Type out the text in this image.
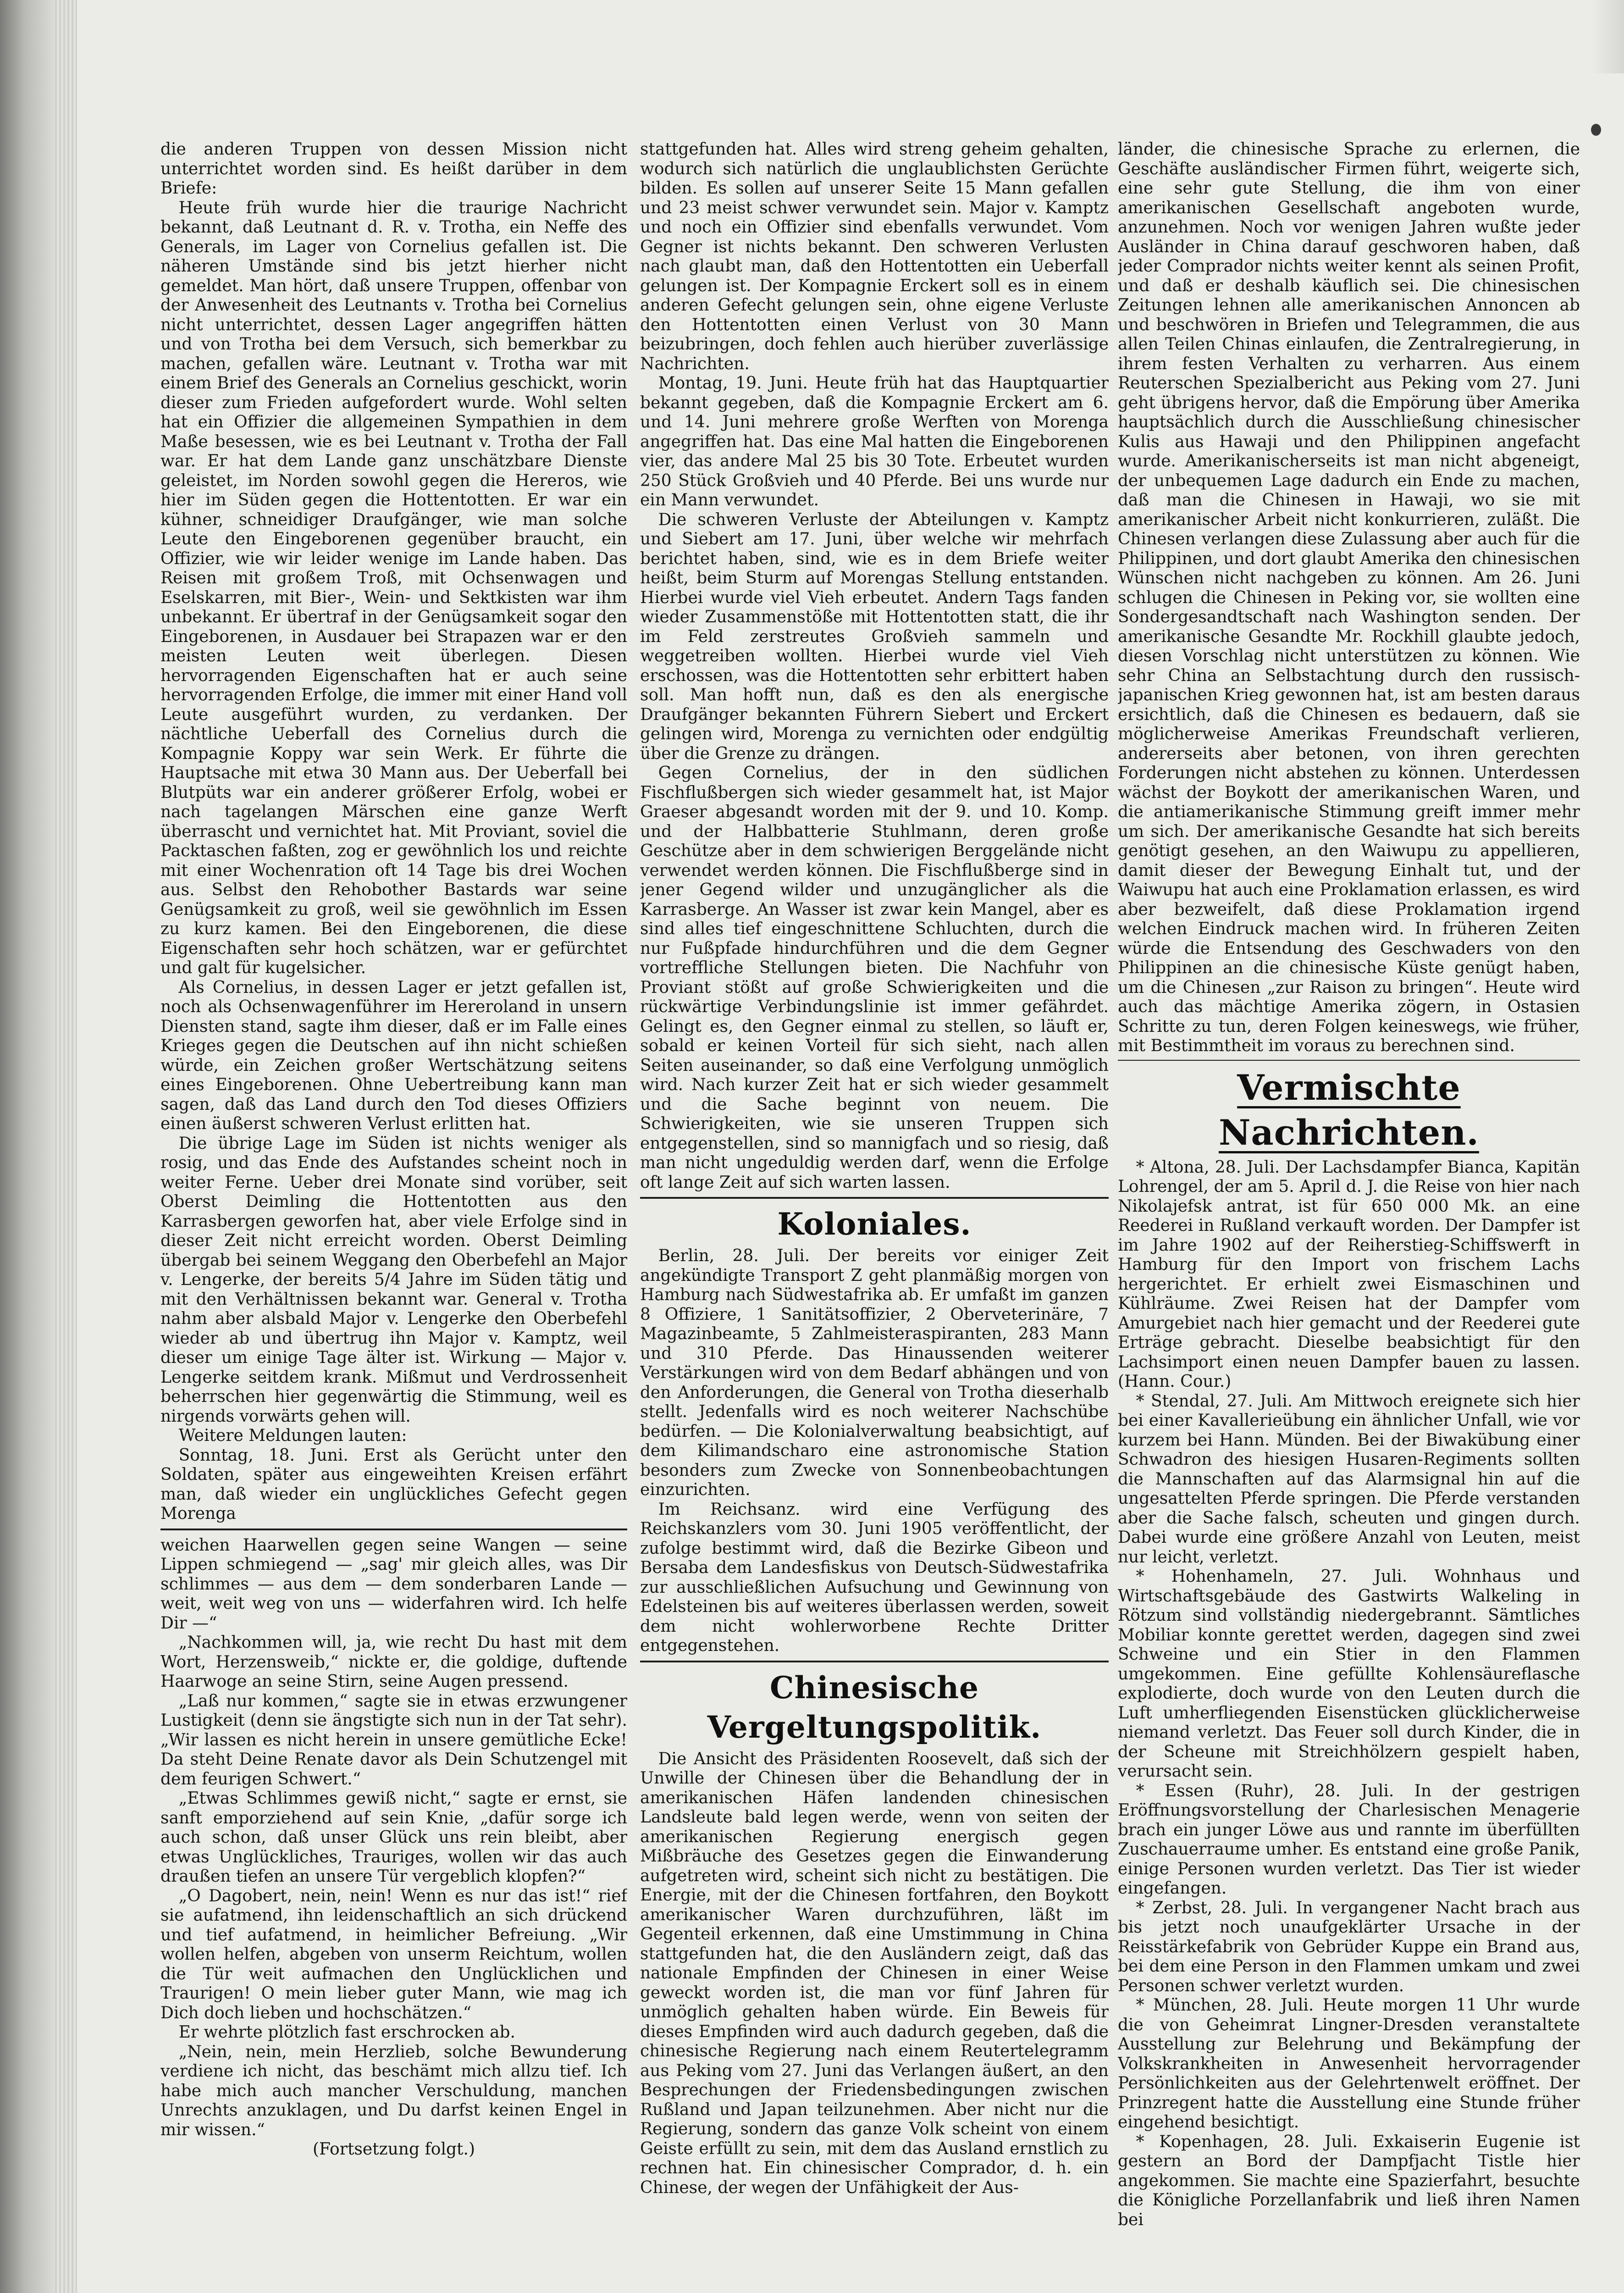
die anderen Truppen von dessen Mission nicht unterrichtet worden sind. Es heißt darüber in dem Briefe:

Heute früh wurde hier die traurige Nachricht bekannt, daß Leutnant d. R. v. Trotha, ein Neffe des Generals, im Lager von Cornelius gefallen ist. Die näheren Umstände sind bis jetzt hierher nicht gemeldet. Man hört, daß unsere Truppen, offenbar von der Anwesenheit des Leutnants v. Trotha bei Cornelius nicht unterrichtet, dessen Lager angegriffen hätten und von Trotha bei dem Versuch, sich bemerkbar zu machen, gefallen wäre. Leutnant v. Trotha war mit einem Brief des Generals an Cornelius geschickt, worin dieser zum Frieden aufgefordert wurde. Wohl selten hat ein Offizier die allgemeinen Sympathien in dem Maße besessen, wie es bei Leutnant v. Trotha der Fall war. Er hat dem Lande ganz unschätzbare Dienste geleistet, im Norden sowohl gegen die Hereros, wie hier im Süden gegen die Hottentotten. Er war ein kühner, schneidiger Draufgänger, wie man solche Leute den Eingeborenen gegenüber braucht, ein Offizier, wie wir leider wenige im Lande haben. Das Reisen mit großem Troß, mit Ochsenwagen und Eselskarren, mit Bier-, Wein- und Sektkisten war ihm unbekannt. Er übertraf in der Genügsamkeit sogar den Eingeborenen, in Ausdauer bei Strapazen war er den meisten Leuten weit überlegen. Diesen hervorragenden Eigenschaften hat er auch seine hervorragenden Erfolge, die immer mit einer Hand voll Leute ausgeführt wurden, zu verdanken. Der nächtliche Ueberfall des Cornelius durch die Kompagnie Koppy war sein Werk. Er führte die Hauptsache mit etwa 30 Mann aus. Der Ueberfall bei Blutpüts war ein anderer größerer Erfolg, wobei er nach tagelangen Märschen eine ganze Werft überrascht und vernichtet hat. Mit Proviant, soviel die Packtaschen faßten, zog er gewöhnlich los und reichte mit einer Wochenration oft 14 Tage bis drei Wochen aus. Selbst den Rehobother Bastards war seine Genügsamkeit zu groß, weil sie gewöhnlich im Essen zu kurz kamen. Bei den Eingeborenen, die diese Eigenschaften sehr hoch schätzen, war er gefürchtet und galt für kugelsicher.

Als Cornelius, in dessen Lager er jetzt gefallen ist, noch als Ochsenwagenführer im Hereroland in unsern Diensten stand, sagte ihm dieser, daß er im Falle eines Krieges gegen die Deutschen auf ihn nicht schießen würde, ein Zeichen großer Wertschätzung seitens eines Eingeborenen. Ohne Uebertreibung kann man sagen, daß das Land durch den Tod dieses Offiziers einen äußerst schweren Verlust erlitten hat.

Die übrige Lage im Süden ist nichts weniger als rosig, und das Ende des Aufstandes scheint noch in weiter Ferne. Ueber drei Monate sind vorüber, seit Oberst Deimling die Hottentotten aus den Karrasbergen geworfen hat, aber viele Erfolge sind in dieser Zeit nicht erreicht worden. Oberst Deimling übergab bei seinem Weggang den Oberbefehl an Major v. Lengerke, der bereits 5/4 Jahre im Süden tätig und mit den Verhältnissen bekannt war. General v. Trotha nahm aber alsbald Major v. Lengerke den Oberbefehl wieder ab und übertrug ihn Major v. Kamptz, weil dieser um einige Tage älter ist. Wirkung — Major v. Lengerke seitdem krank. Mißmut und Verdrossenheit beherrschen hier gegenwärtig die Stimmung, weil es nirgends vorwärts gehen will.

Weitere Meldungen lauten:

Sonntag, 18. Juni. Erst als Gerücht unter den Soldaten, später aus eingeweihten Kreisen erfährt man, daß wieder ein unglückliches Gefecht gegen Morenga

weichen Haarwellen gegen seine Wangen — seine Lippen schmiegend — „sag' mir gleich alles, was Dir schlimmes — aus dem — dem sonderbaren Lande — weit, weit weg von uns — widerfahren wird. Ich helfe Dir —“

„Nachkommen will, ja, wie recht Du hast mit dem Wort, Herzensweib,“ nickte er, die goldige, duftende Haarwoge an seine Stirn, seine Augen pressend.

„Laß nur kommen,“ sagte sie in etwas erzwungener Lustigkeit (denn sie ängstigte sich nun in der Tat sehr). „Wir lassen es nicht herein in unsere gemütliche Ecke! Da steht Deine Renate davor als Dein Schutzengel mit dem feurigen Schwert.“

„Etwas Schlimmes gewiß nicht,“ sagte er ernst, sie sanft emporziehend auf sein Knie, „dafür sorge ich auch schon, daß unser Glück uns rein bleibt, aber etwas Unglückliches, Trauriges, wollen wir das auch draußen tiefen an unsere Tür vergeblich klopfen?“

„O Dagobert, nein, nein! Wenn es nur das ist!“ rief sie aufatmend, ihn leidenschaftlich an sich drückend und tief aufatmend, in heimlicher Befreiung. „Wir wollen helfen, abgeben von unserm Reichtum, wollen die Tür weit aufmachen den Unglücklichen und Traurigen! O mein lieber guter Mann, wie mag ich Dich doch lieben und hochschätzen.“

Er wehrte plötzlich fast erschrocken ab.

„Nein, nein, mein Herzlieb, solche Bewunderung verdiene ich nicht, das beschämt mich allzu tief. Ich habe mich auch mancher Verschuldung, manchen Unrechts anzuklagen, und Du darfst keinen Engel in mir wissen.“

(Fortsetzung folgt.)

stattgefunden hat. Alles wird streng geheim gehalten, wodurch sich natürlich die unglaublichsten Gerüchte bilden. Es sollen auf unserer Seite 15 Mann gefallen und 23 meist schwer verwundet sein. Major v. Kamptz und noch ein Offizier sind ebenfalls verwundet. Vom Gegner ist nichts bekannt. Den schweren Verlusten nach glaubt man, daß den Hottentotten ein Ueberfall gelungen ist. Der Kompagnie Erckert soll es in einem anderen Gefecht gelungen sein, ohne eigene Verluste den Hottentotten einen Verlust von 30 Mann beizubringen, doch fehlen auch hierüber zuverlässige Nachrichten.

Montag, 19. Juni. Heute früh hat das Hauptquartier bekannt gegeben, daß die Kompagnie Erckert am 6. und 14. Juni mehrere große Werften von Morenga angegriffen hat. Das eine Mal hatten die Eingeborenen vier, das andere Mal 25 bis 30 Tote. Erbeutet wurden 250 Stück Großvieh und 40 Pferde. Bei uns wurde nur ein Mann verwundet.

Die schweren Verluste der Abteilungen v. Kamptz und Siebert am 17. Juni, über welche wir mehrfach berichtet haben, sind, wie es in dem Briefe weiter heißt, beim Sturm auf Morengas Stellung entstanden. Hierbei wurde viel Vieh erbeutet. Andern Tags fanden wieder Zusammenstöße mit Hottentotten statt, die ihr im Feld zerstreutes Großvieh sammeln und weggetreiben wollten. Hierbei wurde viel Vieh erschossen, was die Hottentotten sehr erbittert haben soll. Man hofft nun, daß es den als energische Draufgänger bekannten Führern Siebert und Erckert gelingen wird, Morenga zu vernichten oder endgültig über die Grenze zu drängen.

Gegen Cornelius, der in den südlichen Fischflußbergen sich wieder gesammelt hat, ist Major Graeser abgesandt worden mit der 9. und 10. Komp. und der Halbbatterie Stuhlmann, deren große Geschütze aber in dem schwierigen Berggelände nicht verwendet werden können. Die Fischflußberge sind in jener Gegend wilder und unzugänglicher als die Karrasberge. An Wasser ist zwar kein Mangel, aber es sind alles tief eingeschnittene Schluchten, durch die nur Fußpfade hindurchführen und die dem Gegner vortreffliche Stellungen bieten. Die Nachfuhr von Proviant stößt auf große Schwierigkeiten und die rückwärtige Verbindungslinie ist immer gefährdet. Gelingt es, den Gegner einmal zu stellen, so läuft er, sobald er keinen Vorteil für sich sieht, nach allen Seiten auseinander, so daß eine Verfolgung unmöglich wird. Nach kurzer Zeit hat er sich wieder gesammelt und die Sache beginnt von neuem. Die Schwierigkeiten, wie sie unseren Truppen sich entgegenstellen, sind so mannigfach und so riesig, daß man nicht ungeduldig werden darf, wenn die Erfolge oft lange Zeit auf sich warten lassen.

Koloniales.

Berlin, 28. Juli. Der bereits vor einiger Zeit angekündigte Transport Z geht planmäßig morgen von Hamburg nach Südwestafrika ab. Er umfaßt im ganzen 8 Offiziere, 1 Sanitätsoffizier, 2 Oberveterinäre, 7 Magazinbeamte, 5 Zahlmeisteraspiranten, 283 Mann und 310 Pferde. Das Hinaussenden weiterer Verstärkungen wird von dem Bedarf abhängen und von den Anforderungen, die General von Trotha dieserhalb stellt. Jedenfalls wird es noch weiterer Nachschübe bedürfen. — Die Kolonialverwaltung beabsichtigt, auf dem Kilimandscharo eine astronomische Station besonders zum Zwecke von Sonnenbeobachtungen einzurichten.

Im Reichsanz. wird eine Verfügung des Reichskanzlers vom 30. Juni 1905 veröffentlicht, der zufolge bestimmt wird, daß die Bezirke Gibeon und Bersaba dem Landesfiskus von Deutsch-Südwestafrika zur ausschließlichen Aufsuchung und Gewinnung von Edelsteinen bis auf weiteres überlassen werden, soweit dem nicht wohlerworbene Rechte Dritter entgegenstehen.

Chinesische Vergeltungspolitik.

Die Ansicht des Präsidenten Roosevelt, daß sich der Unwille der Chinesen über die Behandlung der in amerikanischen Häfen landenden chinesischen Landsleute bald legen werde, wenn von seiten der amerikanischen Regierung energisch gegen Mißbräuche des Gesetzes gegen die Einwanderung aufgetreten wird, scheint sich nicht zu bestätigen. Die Energie, mit der die Chinesen fortfahren, den Boykott amerikanischer Waren durchzuführen, läßt im Gegenteil erkennen, daß eine Umstimmung in China stattgefunden hat, die den Ausländern zeigt, daß das nationale Empfinden der Chinesen in einer Weise geweckt worden ist, die man vor fünf Jahren für unmöglich gehalten haben würde. Ein Beweis für dieses Empfinden wird auch dadurch gegeben, daß die chinesische Regierung nach einem Reutertelegramm aus Peking vom 27. Juni das Verlangen äußert, an den Besprechungen der Friedensbedingungen zwischen Rußland und Japan teilzunehmen. Aber nicht nur die Regierung, sondern das ganze Volk scheint von einem Geiste erfüllt zu sein, mit dem das Ausland ernstlich zu rechnen hat. Ein chinesischer Comprador, d. h. ein Chinese, der wegen der Unfähigkeit der Aus-

länder, die chinesische Sprache zu erlernen, die Geschäfte ausländischer Firmen führt, weigerte sich, eine sehr gute Stellung, die ihm von einer amerikanischen Gesellschaft angeboten wurde, anzunehmen. Noch vor wenigen Jahren wußte jeder Ausländer in China darauf geschworen haben, daß jeder Comprador nichts weiter kennt als seinen Profit, und daß er deshalb käuflich sei. Die chinesischen Zeitungen lehnen alle amerikanischen Annoncen ab und beschwören in Briefen und Telegrammen, die aus allen Teilen Chinas einlaufen, die Zentralregierung, in ihrem festen Verhalten zu verharren. Aus einem Reuterschen Spezialbericht aus Peking vom 27. Juni geht übrigens hervor, daß die Empörung über Amerika hauptsächlich durch die Ausschließung chinesischer Kulis aus Hawaji und den Philippinen angefacht wurde. Amerikanischerseits ist man nicht abgeneigt, der unbequemen Lage dadurch ein Ende zu machen, daß man die Chinesen in Hawaji, wo sie mit amerikanischer Arbeit nicht konkurrieren, zuläßt. Die Chinesen verlangen diese Zulassung aber auch für die Philippinen, und dort glaubt Amerika den chinesischen Wünschen nicht nachgeben zu können. Am 26. Juni schlugen die Chinesen in Peking vor, sie wollten eine Sondergesandtschaft nach Washington senden. Der amerikanische Gesandte Mr. Rockhill glaubte jedoch, diesen Vorschlag nicht unterstützen zu können. Wie sehr China an Selbstachtung durch den russisch-japanischen Krieg gewonnen hat, ist am besten daraus ersichtlich, daß die Chinesen es bedauern, daß sie möglicherweise Amerikas Freundschaft verlieren, andererseits aber betonen, von ihren gerechten Forderungen nicht abstehen zu können. Unterdessen wächst der Boykott der amerikanischen Waren, und die antiamerikanische Stimmung greift immer mehr um sich. Der amerikanische Gesandte hat sich bereits genötigt gesehen, an den Waiwupu zu appellieren, damit dieser der Bewegung Einhalt tut, und der Waiwupu hat auch eine Proklamation erlassen, es wird aber bezweifelt, daß diese Proklamation irgend welchen Eindruck machen wird. In früheren Zeiten würde die Entsendung des Geschwaders von den Philippinen an die chinesische Küste genügt haben, um die Chinesen „zur Raison zu bringen“. Heute wird auch das mächtige Amerika zögern, in Ostasien Schritte zu tun, deren Folgen keineswegs, wie früher, mit Bestimmtheit im voraus zu berechnen sind.

Vermischte Nachrichten.

* Altona, 28. Juli. Der Lachsdampfer Bianca, Kapitän Lohrengel, der am 5. April d. J. die Reise von hier nach Nikolajefsk antrat, ist für 650 000 Mk. an eine Reederei in Rußland verkauft worden. Der Dampfer ist im Jahre 1902 auf der Reiherstieg-Schiffswerft in Hamburg für den Import von frischem Lachs hergerichtet. Er erhielt zwei Eismaschinen und Kühlräume. Zwei Reisen hat der Dampfer vom Amurgebiet nach hier gemacht und der Reederei gute Erträge gebracht. Dieselbe beabsichtigt für den Lachsimport einen neuen Dampfer bauen zu lassen. (Hann. Cour.)

* Stendal, 27. Juli. Am Mittwoch ereignete sich hier bei einer Kavallerieübung ein ähnlicher Unfall, wie vor kurzem bei Hann. Münden. Bei der Biwakübung einer Schwadron des hiesigen Husaren-Regiments sollten die Mannschaften auf das Alarmsignal hin auf die ungesattelten Pferde springen. Die Pferde verstanden aber die Sache falsch, scheuten und gingen durch. Dabei wurde eine größere Anzahl von Leuten, meist nur leicht, verletzt.

* Hohenhameln, 27. Juli. Wohnhaus und Wirtschaftsgebäude des Gastwirts Walkeling in Rötzum sind vollständig niedergebrannt. Sämtliches Mobiliar konnte gerettet werden, dagegen sind zwei Schweine und ein Stier in den Flammen umgekommen. Eine gefüllte Kohlensäureflasche explodierte, doch wurde von den Leuten durch die Luft umherfliegenden Eisenstücken glücklicherweise niemand verletzt. Das Feuer soll durch Kinder, die in der Scheune mit Streichhölzern gespielt haben, verursacht sein.

* Essen (Ruhr), 28. Juli. In der gestrigen Eröffnungsvorstellung der Charlesischen Menagerie brach ein junger Löwe aus und rannte im überfüllten Zuschauerraume umher. Es entstand eine große Panik, einige Personen wurden verletzt. Das Tier ist wieder eingefangen.

* Zerbst, 28. Juli. In vergangener Nacht brach aus bis jetzt noch unaufgeklärter Ursache in der Reisstärkefabrik von Gebrüder Kuppe ein Brand aus, bei dem eine Person in den Flammen umkam und zwei Personen schwer verletzt wurden.

* München, 28. Juli. Heute morgen 11 Uhr wurde die von Geheimrat Lingner-Dresden veranstaltete Ausstellung zur Belehrung und Bekämpfung der Volkskrankheiten in Anwesenheit hervorragender Persönlichkeiten aus der Gelehrtenwelt eröffnet. Der Prinzregent hatte die Ausstellung eine Stunde früher eingehend besichtigt.

* Kopenhagen, 28. Juli. Exkaiserin Eugenie ist gestern an Bord der Dampfjacht Tistle hier angekommen. Sie machte eine Spazierfahrt, besuchte die Königliche Porzellanfabrik und ließ ihren Namen bei
